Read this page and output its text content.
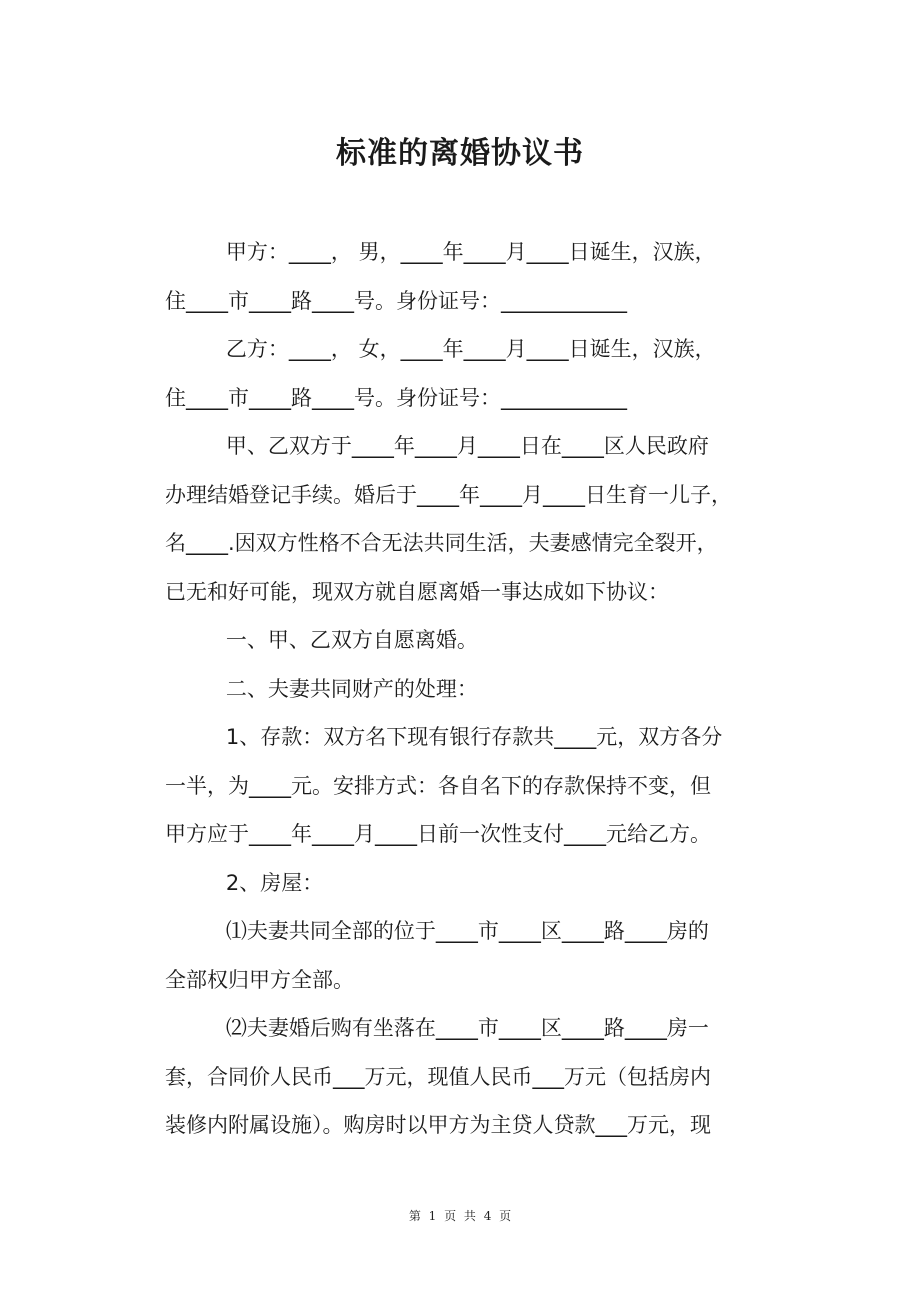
标准的离婚协议书

甲方：____， 男，____年____月____日诞生，汉族，

住____市____路____号。身份证号：____________

乙方：____， 女，____年____月____日诞生，汉族，

住____市____路____号。身份证号：____________

甲、乙双方于____年____月____日在____区人民政府

办理结婚登记手续。婚后于____年____月____日生育一儿子，

名____.因双方性格不合无法共同生活，夫妻感情完全裂开，

已无和好可能，现双方就自愿离婚一事达成如下协议：

一、甲、乙双方自愿离婚。

二、夫妻共同财产的处理：

1、存款：双方名下现有银行存款共____元，双方各分

一半，为____元。安排方式：各自名下的存款保持不变，但

甲方应于____年____月____日前一次性支付____元给乙方。

2、房屋：

⑴夫妻共同全部的位于____市____区____路____房的

全部权归甲方全部。

⑵夫妻婚后购有坐落在____市____区____路____房一

套，合同价人民币___万元，现值人民币___万元（包括房内

装修内附属设施）。购房时以甲方为主贷人贷款___万元，现

第 1 页 共 4 页
